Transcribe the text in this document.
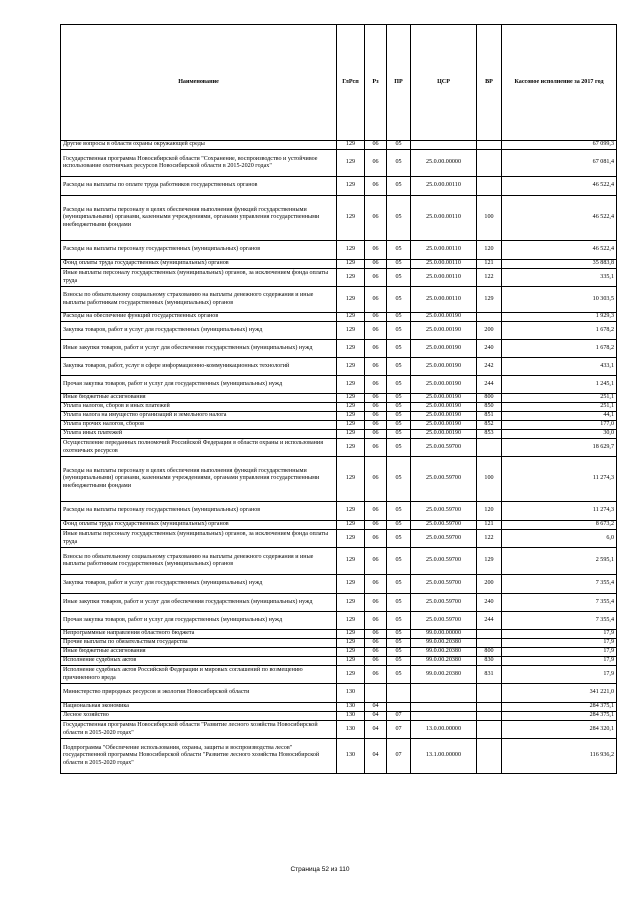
Наименование	ГлРсп	Рз	ПР	ЦСР	ВР	Кассовое исполнение за 2017 год
Другие вопросы в области охраны окружающей среды	129	06	05			67 099,3
Государственная программа Новосибирской области "Сохранение, воспроизводство и устойчивое использование охотничьих ресурсов Новосибирской области в 2015-2020 годах"	129	06	05	25.0.00.00000		67 081,4
Расходы на выплаты по оплате труда работников государственных органов	129	06	05	25.0.00.00110		46 522,4
Расходы на выплаты персоналу в целях обеспечения выполнения функций государственными (муниципальными) органами, казенными учреждениями, органами управления государственными внебюджетными фондами	129	06	05	25.0.00.00110	100	46 522,4
Расходы на выплаты персоналу государственных (муниципальных) органов	129	06	05	25.0.00.00110	120	46 522,4
Фонд оплаты труда государственных (муниципальных) органов	129	06	05	25.0.00.00110	121	35 883,8
Иные выплаты персоналу государственных (муниципальных) органов, за исключением фонда оплаты труда	129	06	05	25.0.00.00110	122	335,1
Взносы по обязательному социальному страхованию на выплаты денежного содержания и иные выплаты работникам государственных (муниципальных) органов	129	06	05	25.0.00.00110	129	10 303,5
Расходы на обеспечение функций государственных органов	129	06	05	25.0.00.00190		1 929,3
Закупка товаров, работ и услуг для государственных (муниципальных) нужд	129	06	05	25.0.00.00190	200	1 678,2
Иные закупки товаров, работ и услуг для обеспечения государственных (муниципальных) нужд	129	06	05	25.0.00.00190	240	1 678,2
Закупка товаров, работ, услуг в сфере информационно-коммуникационных технологий	129	06	05	25.0.00.00190	242	433,1
Прочая закупка товаров, работ и услуг для государственных (муниципальных) нужд	129	06	05	25.0.00.00190	244	1 245,1
Иные бюджетные ассигнования	129	06	05	25.0.00.00190	800	251,1
Уплата налогов, сборов и иных платежей	129	06	05	25.0.00.00190	850	251,1
Уплата налога на имущество организаций и земельного налога	129	06	05	25.0.00.00190	851	44,1
Уплата прочих налогов, сборов	129	06	05	25.0.00.00190	852	177,0
Уплата иных платежей	129	06	05	25.0.00.00190	853	30,0
Осуществление переданных полномочий Российской Федерации в области охраны и использования охотничьих ресурсов	129	06	05	25.0.00.59700		18 629,7
Расходы на выплаты персоналу в целях обеспечения выполнения функций государственными (муниципальными) органами, казенными учреждениями, органами управления государственными внебюджетными фондами	129	06	05	25.0.00.59700	100	11 274,3
Расходы на выплаты персоналу государственных (муниципальных) органов	129	06	05	25.0.00.59700	120	11 274,3
Фонд оплаты труда государственных (муниципальных) органов	129	06	05	25.0.00.59700	121	8 673,2
Иные выплаты персоналу государственных (муниципальных) органов, за исключением фонда оплаты труда	129	06	05	25.0.00.59700	122	6,0
Взносы по обязательному социальному страхованию на выплаты денежного содержания и иные выплаты работникам государственных (муниципальных) органов	129	06	05	25.0.00.59700	129	2 595,1
Закупка товаров, работ и услуг для государственных (муниципальных) нужд	129	06	05	25.0.00.59700	200	7 355,4
Иные закупки товаров, работ и услуг для обеспечения государственных (муниципальных) нужд	129	06	05	25.0.00.59700	240	7 355,4
Прочая закупка товаров, работ и услуг для государственных (муниципальных) нужд	129	06	05	25.0.00.59700	244	7 355,4
Непрограммные направления областного бюджета	129	06	05	99.0.00.00000		17,9
Прочие выплаты по обязательствам государства	129	06	05	99.0.00.20380		17,9
Иные бюджетные ассигнования	129	06	05	99.0.00.20380	800	17,9
Исполнение судебных актов	129	06	05	99.0.00.20380	830	17,9
Исполнение судебных актов Российской Федерации и мировых соглашений по возмещению причиненного вреда	129	06	05	99.0.00.20380	831	17,9
Министерство природных ресурсов и экологии Новосибирской области	130					341 221,0
Национальная экономика	130	04				284 375,1
Лесное хозяйство	130	04	07			284 375,1
Государственная программа Новосибирской области "Развитие лесного хозяйства Новосибирской области в 2015-2020 годах"	130	04	07	13.0.00.00000		284 320,1
Подпрограмма "Обеспечение использования, охраны, защиты и воспроизводства лесов" государственной программы Новосибирской области "Развитие лесного хозяйства Новосибирской области в 2015-2020 годах"	130	04	07	13.1.00.00000		116 936,2
Страница 52 из 110
